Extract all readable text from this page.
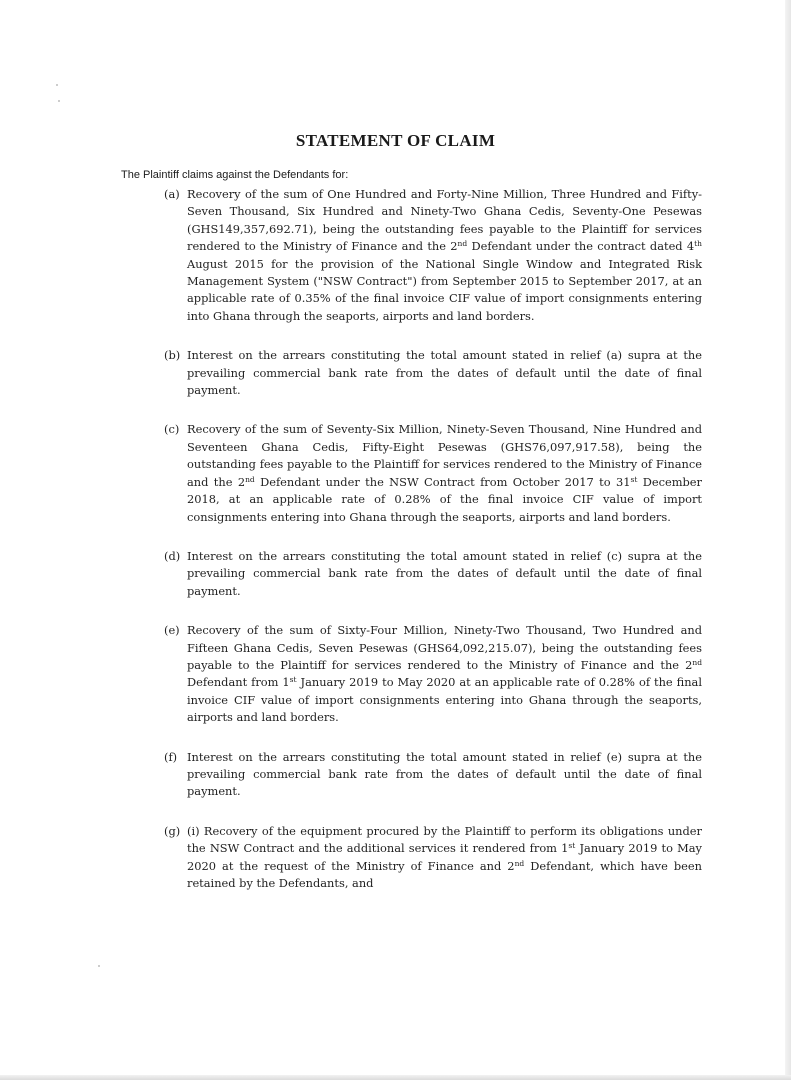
STATEMENT OF CLAIM

The Plaintiff claims against the Defendants for:

(a) Recovery of the sum of One Hundred and Forty-Nine Million, Three Hundred and Fifty-Seven Thousand, Six Hundred and Ninety-Two Ghana Cedis, Seventy-One Pesewas (GHS149,357,692.71), being the outstanding fees payable to the Plaintiff for services rendered to the Ministry of Finance and the 2nd Defendant under the contract dated 4th August 2015 for the provision of the National Single Window and Integrated Risk Management System ("NSW Contract") from September 2015 to September 2017, at an applicable rate of 0.35% of the final invoice CIF value of import consignments entering into Ghana through the seaports, airports and land borders.
(b) Interest on the arrears constituting the total amount stated in relief (a) supra at the prevailing commercial bank rate from the dates of default until the date of final payment.
(c) Recovery of the sum of Seventy-Six Million, Ninety-Seven Thousand, Nine Hundred and Seventeen Ghana Cedis, Fifty-Eight Pesewas (GHS76,097,917.58), being the outstanding fees payable to the Plaintiff for services rendered to the Ministry of Finance and the 2nd Defendant under the NSW Contract from October 2017 to 31st December 2018, at an applicable rate of 0.28% of the final invoice CIF value of import consignments entering into Ghana through the seaports, airports and land borders.
(d) Interest on the arrears constituting the total amount stated in relief (c) supra at the prevailing commercial bank rate from the dates of default until the date of final payment.
(e) Recovery of the sum of Sixty-Four Million, Ninety-Two Thousand, Two Hundred and Fifteen Ghana Cedis, Seven Pesewas (GHS64,092,215.07), being the outstanding fees payable to the Plaintiff for services rendered to the Ministry of Finance and the 2nd Defendant from 1st January 2019 to May 2020 at an applicable rate of 0.28% of the final invoice CIF value of import consignments entering into Ghana through the seaports, airports and land borders.
(f) Interest on the arrears constituting the total amount stated in relief (e) supra at the prevailing commercial bank rate from the dates of default until the date of final payment.
(g) (i) Recovery of the equipment procured by the Plaintiff to perform its obligations under the NSW Contract and the additional services it rendered from 1st January 2019 to May 2020 at the request of the Ministry of Finance and 2nd Defendant, which have been retained by the Defendants, and
